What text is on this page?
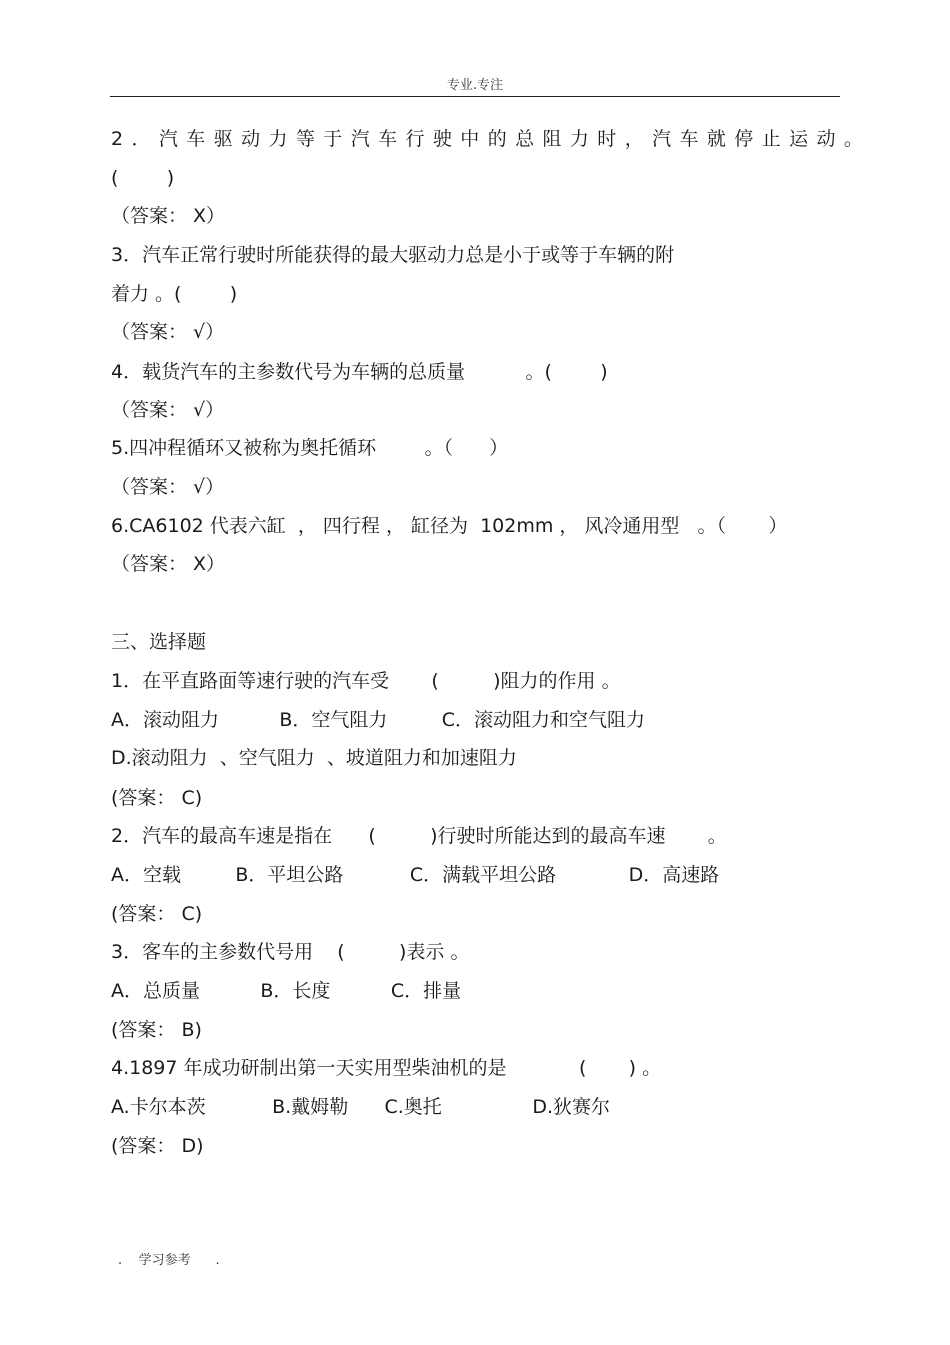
专业.专注
2．汽车驱动力等于汽车行驶中的总阻力时，汽车就停止运动。
(        )
（答案： X）
3．汽车正常行驶时所能获得的最大驱动力总是小于或等于车辆的附
着力 。(        )
（答案： √）
4．载货汽车的主参数代号为车辆的总质量          。(        )
（答案： √）
5.四冲程循环又被称为奥托循环        。（      ）
（答案： √）
6.CA6102 代表六缸  ， 四行程 ， 缸径为  102mm ， 风冷通用型   。（       ）
（答案： X）
三、选择题
1．在平直路面等速行驶的汽车受       (         )阻力的作用 。
A．滚动阻力          B．空气阻力         C．滚动阻力和空气阻力
D.滚动阻力  、空气阻力  、坡道阻力和加速阻力
(答案： C)
2．汽车的最高车速是指在      (         )行驶时所能达到的最高车速       。
A．空载         B．平坦公路           C．满载平坦公路            D．高速路
(答案： C)
3．客车的主参数代号用    (         )表示 。
A．总质量          B．长度          C．排量
(答案： B)
4.1897 年成功研制出第一天实用型柴油机的是            (       ) 。
A.卡尔本茨           B.戴姆勒      C.奥托               D.狄赛尔
(答案： D)
.    学习参考      .
